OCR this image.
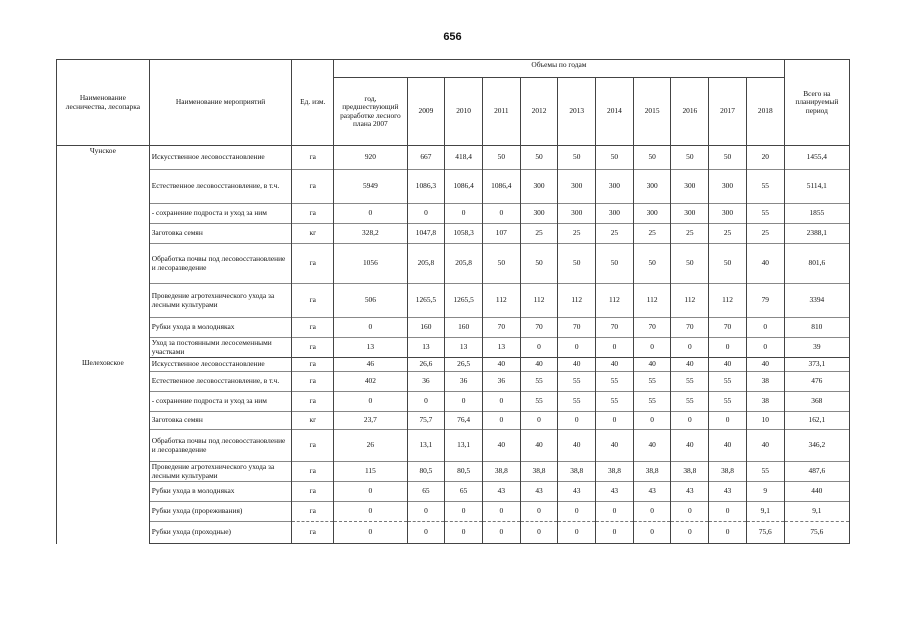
656
Наименование лесничества, лесопарка	Наименование мероприятий	Ед. изм.	Объемы по годам											Всего на планируемый период
			год, предшествующий разработке лесного плана 2007	2009	2010	2011	2012	2013	2014	2015	2016	2017	2018	
Чунское	Искусственное лесовосстановление	га	920	667	418,4	50	50	50	50	50	50	50	20	1455,4
	Естественное лесовосстановление, в т.ч.	га	5949	1086,3	1086,4	1086,4	300	300	300	300	300	300	55	5114,1
	- сохранение подроста и уход за ним	га	0	0	0	0	300	300	300	300	300	300	55	1855
	Заготовка семян	кг	328,2	1047,8	1058,3	107	25	25	25	25	25	25	25	2388,1
	Обработка почвы под лесовосстановление и лесоразведение	га	1056	205,8	205,8	50	50	50	50	50	50	50	40	801,6
	Проведение агротехнического ухода за лесными культурами	га	506	1265,5	1265,5	112	112	112	112	112	112	112	79	3394
	Рубки ухода в молодняках	га	0	160	160	70	70	70	70	70	70	70	0	810
	Уход за постоянными лесосеменными участками	га	13	13	13	13	0	0	0	0	0	0	0	39
Шелеховское	Искусственное лесовосстановление	га	46	26,6	26,5	40	40	40	40	40	40	40	40	373,1
	Естественное лесовосстановление, в т.ч.	га	402	36	36	36	55	55	55	55	55	55	38	476
	- сохранение подроста и уход за ним	га	0	0	0	0	55	55	55	55	55	55	38	368
	Заготовка семян	кг	23,7	75,7	76,4	0	0	0	0	0	0	0	10	162,1
	Обработка почвы под лесовосстановление и лесоразведение	га	26	13,1	13,1	40	40	40	40	40	40	40	40	346,2
	Проведение агротехнического ухода за лесными культурами	га	115	80,5	80,5	38,8	38,8	38,8	38,8	38,8	38,8	38,8	55	487,6
	Рубки ухода в молодняках	га	0	65	65	43	43	43	43	43	43	43	9	440
	Рубки ухода (прореживания)	га	0	0	0	0	0	0	0	0	0	0	9,1	9,1
	Рубки ухода (проходные)	га	0	0	0	0	0	0	0	0	0	0	75,6	75,6
